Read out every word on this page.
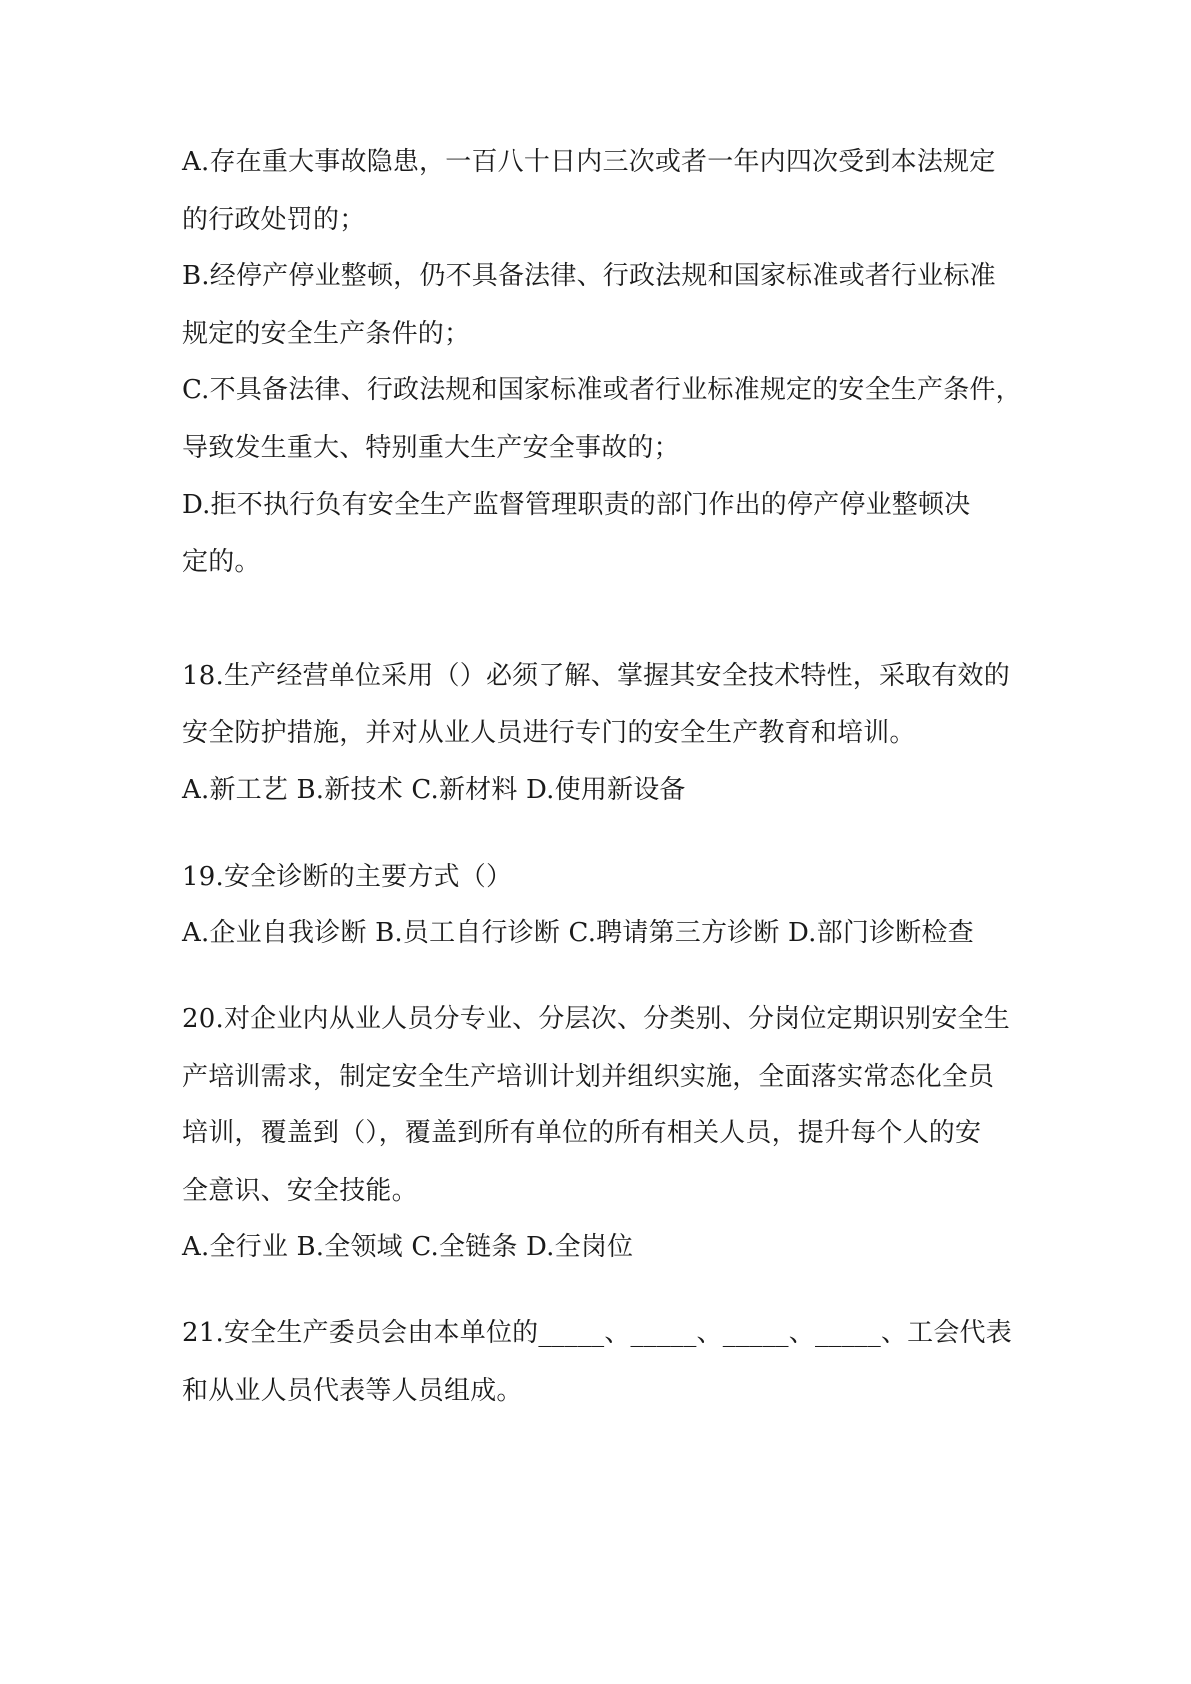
A.存在重大事故隐患，一百八十日内三次或者一年内四次受到本法规定
的行政处罚的；
B.经停产停业整顿，仍不具备法律、行政法规和国家标准或者行业标准
规定的安全生产条件的；
C.不具备法律、行政法规和国家标准或者行业标准规定的安全生产条件，
导致发生重大、特别重大生产安全事故的；
D.拒不执行负有安全生产监督管理职责的部门作出的停产停业整顿决
定的。
18.生产经营单位采用（）必须了解、掌握其安全技术特性，采取有效的
安全防护措施，并对从业人员进行专门的安全生产教育和培训。
A.新工艺 B.新技术 C.新材料 D.使用新设备
19.安全诊断的主要方式（）
A.企业自我诊断 B.员工自行诊断 C.聘请第三方诊断 D.部门诊断检查
20.对企业内从业人员分专业、分层次、分类别、分岗位定期识别安全生
产培训需求，制定安全生产培训计划并组织实施，全面落实常态化全员
培训，覆盖到（），覆盖到所有单位的所有相关人员，提升每个人的安
全意识、安全技能。
A.全行业 B.全领域 C.全链条 D.全岗位
21.安全生产委员会由本单位的_____、_____、_____、_____、工会代表
和从业人员代表等人员组成。
